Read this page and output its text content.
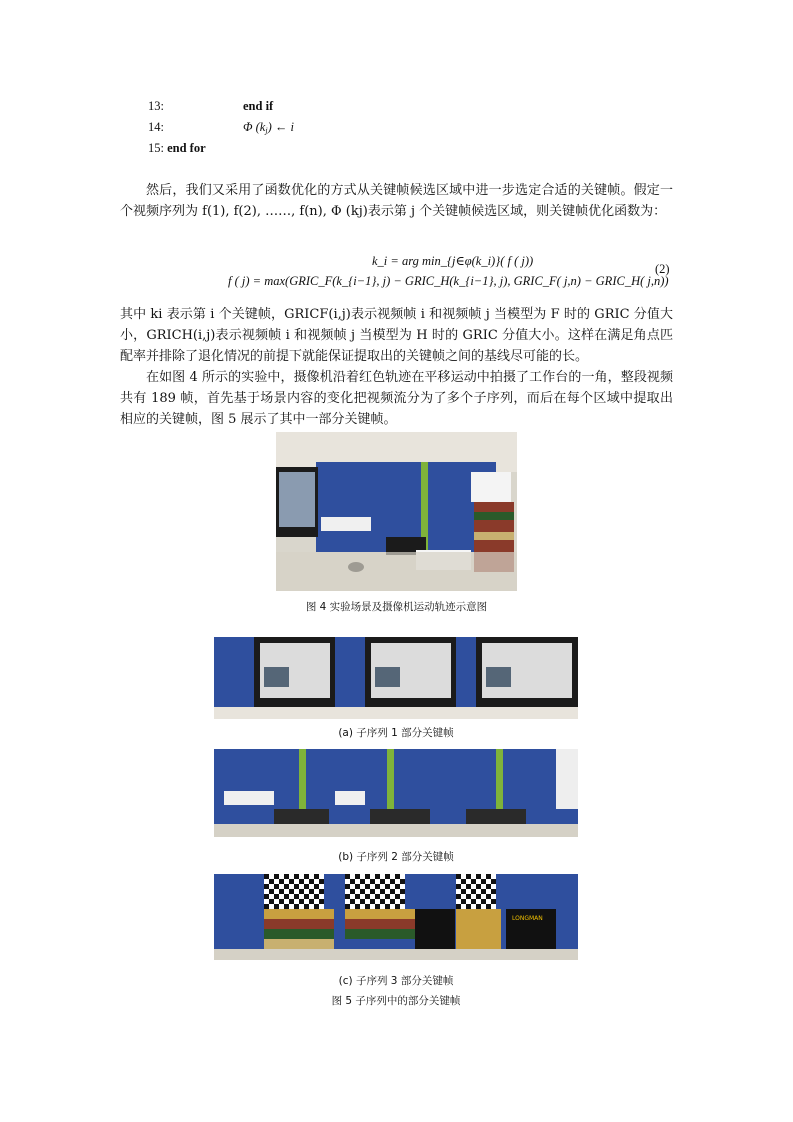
13:	end if
14:	Φ $(k_j)$ ← i
15: end for
然后，我们又采用了函数优化的方式从关键帧候选区域中进一步选定合适的关键帧。假定一个视频序列为 f(1), f(2), ……, f(n), Φ (kj)表示第 j 个关键帧候选区域，则关键帧优化函数为：
k_i = arg min_{j∈φ(k_i)}( f ( j))
f ( j) = max(GRIC_F(k_{i−1}, j) − GRIC_H(k_{i−1}, j), GRIC_F( j,n) − GRIC_H( j,n))
(2)
其中 ki 表示第 i 个关键帧，GRICF(i,j)表示视频帧 i 和视频帧 j 当模型为 F 时的 GRIC 分值大小，GRICH(i,j)表示视频帧 i 和视频帧 j 当模型为 H 时的 GRIC 分值大小。这样在满足角点匹配率并排除了退化情况的前提下就能保证提取出的关键帧之间的基线尽可能的长。
在如图 4 所示的实验中，摄像机沿着红色轨迹在平移运动中拍摄了工作台的一角，整段视频共有 189 帧，首先基于场景内容的变化把视频流分为了多个子序列，而后在每个区域中提取出相应的关键帧，图 5 展示了其中一部分关键帧。
图 4 实验场景及摄像机运动轨迹示意图
(a) 子序列 1 部分关键帧
(b) 子序列 2 部分关键帧
LONGMAN
(c) 子序列 3 部分关键帧
图 5 子序列中的部分关键帧
